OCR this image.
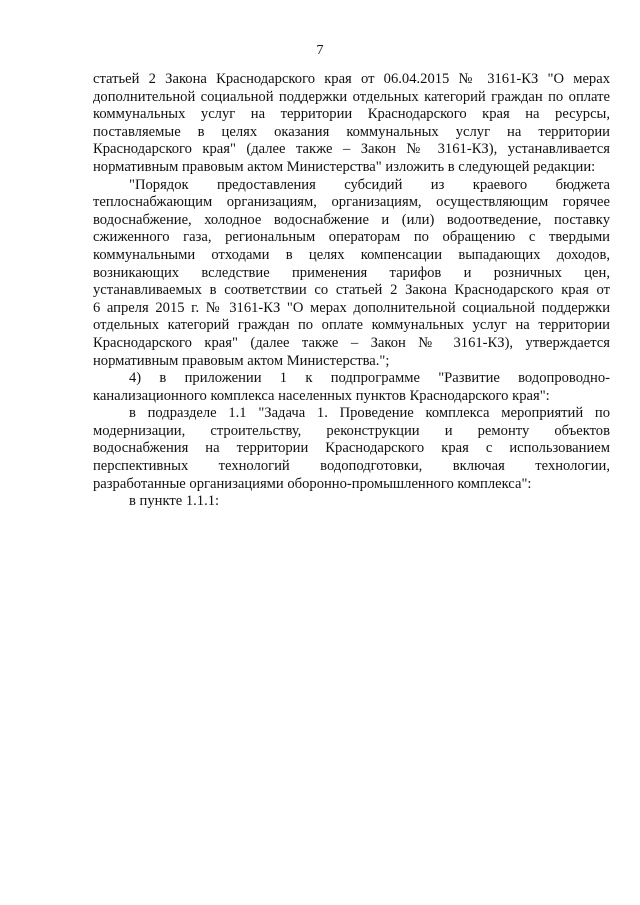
7
статьей 2 Закона Краснодарского края от 06.04.2015 № 3161-КЗ "О мерах
дополнительной социальной поддержки отдельных категорий граждан по оплате
коммунальных услуг на территории Краснодарского края на ресурсы,
поставляемые в целях оказания коммунальных услуг на территории
Краснодарского края" (далее также – Закон № 3161-КЗ), устанавливается
нормативным правовым актом Министерства" изложить в следующей редакции:
"Порядок предоставления субсидий из краевого бюджета
теплоснабжающим организациям, организациям, осуществляющим горячее
водоснабжение, холодное водоснабжение и (или) водоотведение, поставку
сжиженного газа, региональным операторам по обращению с твердыми
коммунальными отходами в целях компенсации выпадающих доходов,
возникающих вследствие применения тарифов и розничных цен,
устанавливаемых в соответствии со статьей 2 Закона Краснодарского края от
6 апреля 2015 г. № 3161-КЗ "О мерах дополнительной социальной поддержки
отдельных категорий граждан по оплате коммунальных услуг на территории
Краснодарского края" (далее также – Закон № 3161-КЗ), утверждается
нормативным правовым актом Министерства.";
4) в приложении 1 к подпрограмме "Развитие водопроводно-
канализационного комплекса населенных пунктов Краснодарского края":
в подразделе 1.1 "Задача 1. Проведение комплекса мероприятий по
модернизации, строительству, реконструкции и ремонту объектов
водоснабжения на территории Краснодарского края с использованием
перспективных технологий водоподготовки, включая технологии,
разработанные организациями оборонно-промышленного комплекса":
в пункте 1.1.1:
